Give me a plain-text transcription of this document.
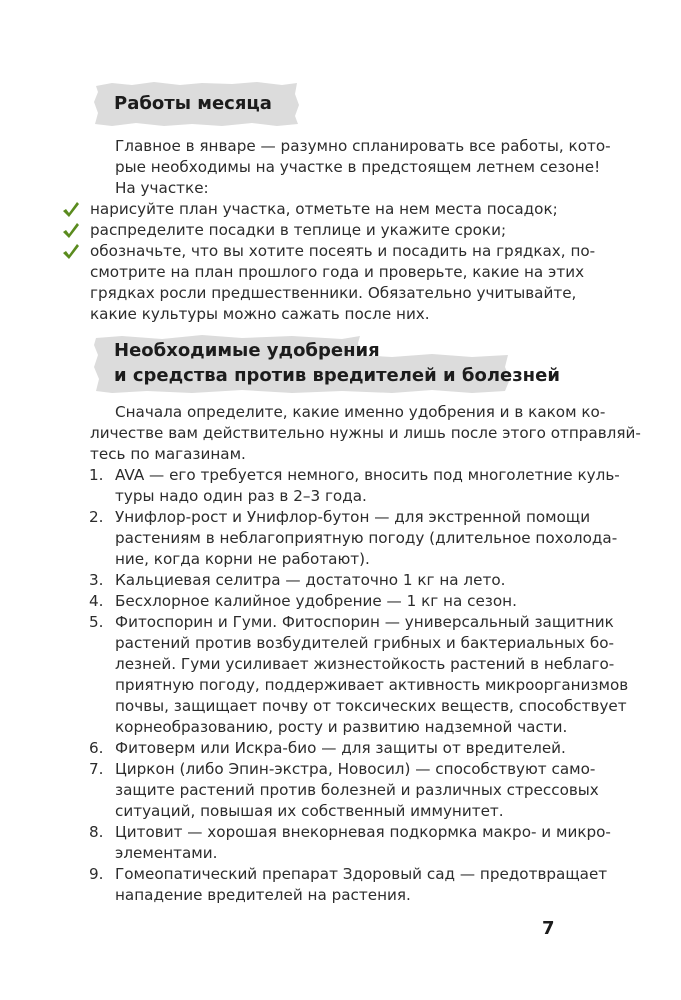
Работы месяца
Главное в январе — разумно спланировать все работы, кото-
рые необходимы на участке в предстоящем летнем сезоне!
На участке:
нарисуйте план участка, отметьте на нем места посадок;
распределите посадки в теплице и укажите сроки;
обозначьте, что вы хотите посеять и посадить на грядках, по-
смотрите на план прошлого года и проверьте, какие на этих
грядках росли предшественники. Обязательно учитывайте,
какие культуры можно сажать после них.
Необходимые удобрения
и средства против вредителей и болезней
Сначала определите, какие именно удобрения и в каком ко-
личестве вам действительно нужны и лишь после этого отправляй-
тесь по магазинам.
1. AVA — его требуется немного, вносить под многолетние куль-
туры надо один раз в 2–3 года.
2. Унифлор-рост и Унифлор-бутон — для экстренной помощи
растениям в неблагоприятную погоду (длительное похолода-
ние, когда корни не работают).
3. Кальциевая селитра — достаточно 1 кг на лето.
4. Бесхлорное калийное удобрение — 1 кг на сезон.
5. Фитоспорин и Гуми. Фитоспорин — универсальный защитник
растений против возбудителей грибных и бактериальных бо-
лезней. Гуми усиливает жизнестойкость растений в неблаго-
приятную погоду, поддерживает активность микроорганизмов
почвы, защищает почву от токсических веществ, способствует
корнеобразованию, росту и развитию надземной части.
6. Фитоверм или Искра-био — для защиты от вредителей.
7. Циркон (либо Эпин-экстра, Новосил) — способствуют само-
защите растений против болезней и различных стрессовых
ситуаций, повышая их собственный иммунитет.
8. Цитовит — хорошая внекорневая подкормка макро- и микро-
элементами.
9. Гомеопатический препарат Здоровый сад — предотвращает
нападение вредителей на растения.
7
